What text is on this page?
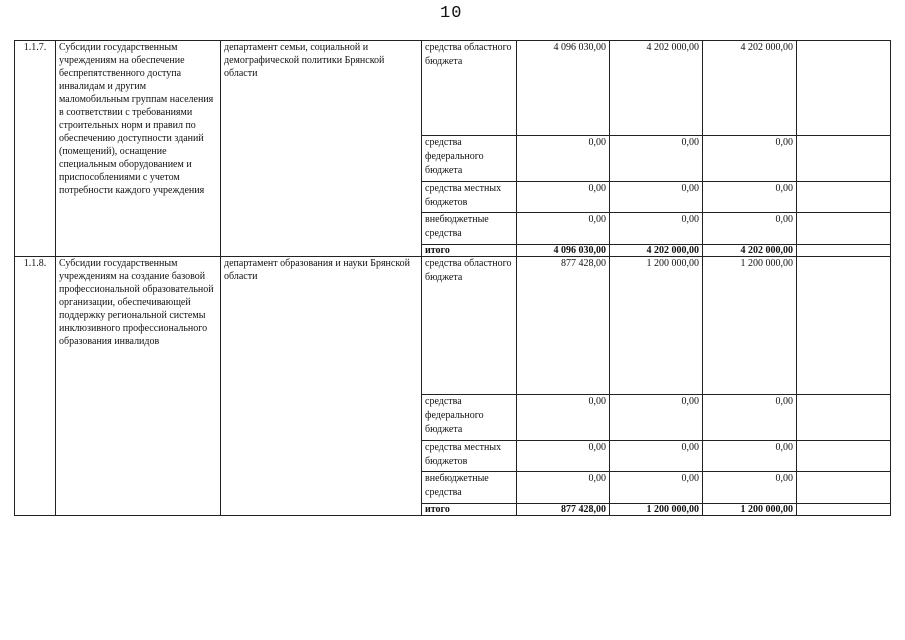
10
1.1.7.	Субсидии государственным учреждениям на обеспечение беспрепятственного доступа инвалидам и другим маломобильным группам населения в соответствии с требованиями строительных норм и правил по обеспечению доступности зданий (помещений), оснащение специальным оборудованием и приспособлениями с учетом потребности каждого учреждения	департамент семьи, социальной и демографической политики Брянской области	средства областного бюджета	4 096 030,00	4 202 000,00	4 202 000,00	
			средства федерального бюджета	0,00	0,00	0,00	
			средства местных бюджетов	0,00	0,00	0,00	
			внебюджетные средства	0,00	0,00	0,00	
			итого	4 096 030,00	4 202 000,00	4 202 000,00	
1.1.8.	Субсидии государственным учреждениям на создание базовой профессиональной образовательной организации, обеспечивающей поддержку региональной системы инклюзивного профессионального образования инвалидов	департамент образования и науки Брянской области	средства областного бюджета	877 428,00	1 200 000,00	1 200 000,00	
			средства федерального бюджета	0,00	0,00	0,00	
			средства местных бюджетов	0,00	0,00	0,00	
			внебюджетные средства	0,00	0,00	0,00	
			итого	877 428,00	1 200 000,00	1 200 000,00	
